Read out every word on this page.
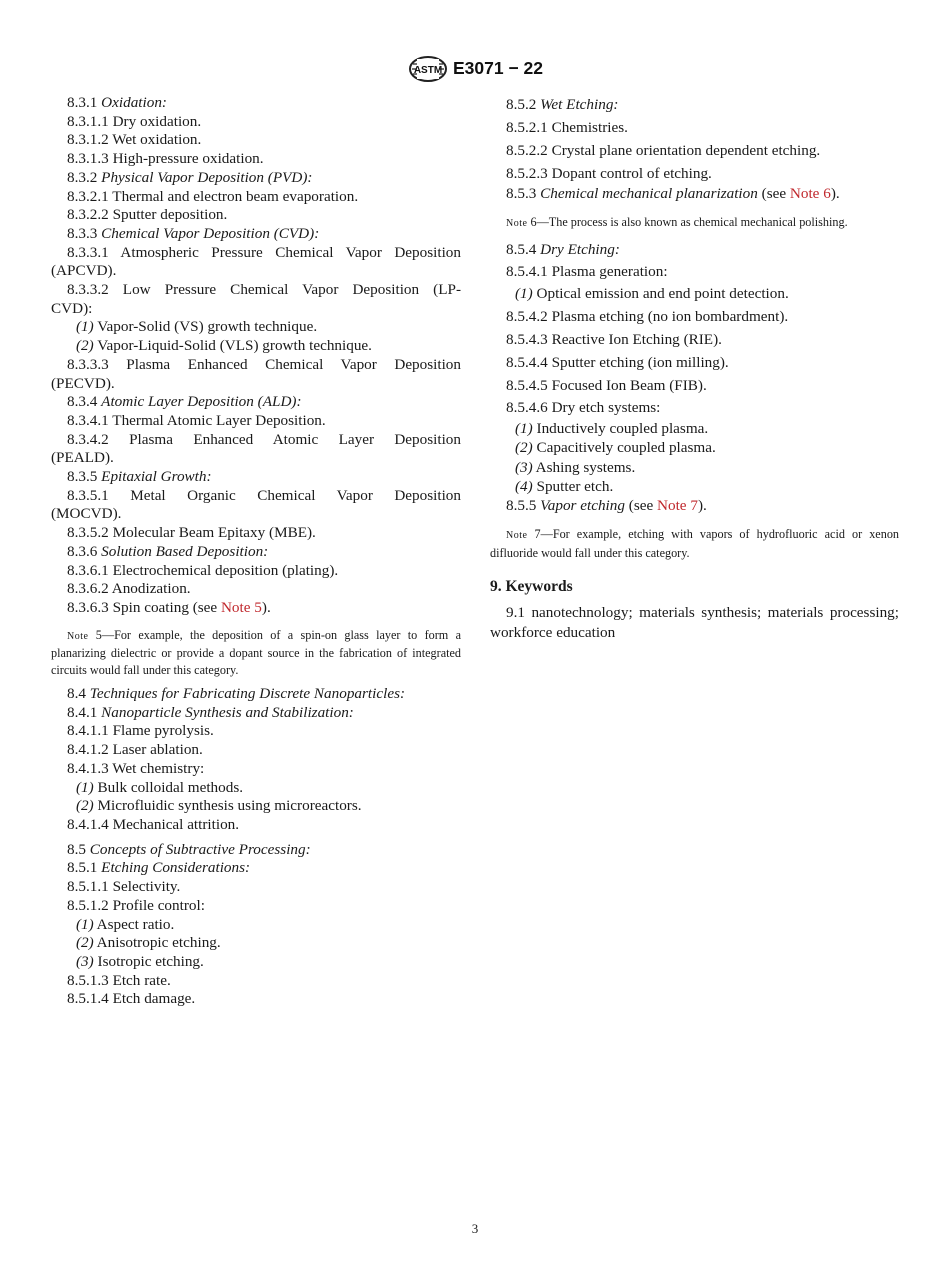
ASTM E3071 − 22

8.3.1 Oxidation:

8.3.1.1 Dry oxidation.

8.3.1.2 Wet oxidation.

8.3.1.3 High-pressure oxidation.

8.3.2 Physical Vapor Deposition (PVD):

8.3.2.1 Thermal and electron beam evaporation.

8.3.2.2 Sputter deposition.

8.3.3 Chemical Vapor Deposition (CVD):

8.3.3.1 Atmospheric Pressure Chemical Vapor Deposition
(APCVD).

8.3.3.2 Low Pressure Chemical Vapor Deposition (LP-
CVD):

(1) Vapor-Solid (VS) growth technique.

(2) Vapor-Liquid-Solid (VLS) growth technique.

8.3.3.3 Plasma Enhanced Chemical Vapor Deposition
(PECVD).

8.3.4 Atomic Layer Deposition (ALD):

8.3.4.1 Thermal Atomic Layer Deposition.

8.3.4.2 Plasma Enhanced Atomic Layer Deposition
(PEALD).

8.3.5 Epitaxial Growth:

8.3.5.1 Metal Organic Chemical Vapor Deposition
(MOCVD).

8.3.5.2 Molecular Beam Epitaxy (MBE).

8.3.6 Solution Based Deposition:

8.3.6.1 Electrochemical deposition (plating).

8.3.6.2 Anodization.

8.3.6.3 Spin coating (see Note 5).

Note 5—For example, the deposition of a spin-on glass layer to form a planarizing dielectric or provide a dopant source in the fabrication of integrated circuits would fall under this category.

8.4 Techniques for Fabricating Discrete Nanoparticles:

8.4.1 Nanoparticle Synthesis and Stabilization:

8.4.1.1 Flame pyrolysis.

8.4.1.2 Laser ablation.

8.4.1.3 Wet chemistry:

(1) Bulk colloidal methods.

(2) Microfluidic synthesis using microreactors.

8.4.1.4 Mechanical attrition.

8.5 Concepts of Subtractive Processing:

8.5.1 Etching Considerations:

8.5.1.1 Selectivity.

8.5.1.2 Profile control:

(1) Aspect ratio.

(2) Anisotropic etching.

(3) Isotropic etching.

8.5.1.3 Etch rate.

8.5.1.4 Etch damage.

8.5.2 Wet Etching:

8.5.2.1 Chemistries.

8.5.2.2 Crystal plane orientation dependent etching.

8.5.2.3 Dopant control of etching.

8.5.3 Chemical mechanical planarization (see Note 6).

Note 6—The process is also known as chemical mechanical polishing.

8.5.4 Dry Etching:

8.5.4.1 Plasma generation:

(1) Optical emission and end point detection.

8.5.4.2 Plasma etching (no ion bombardment).

8.5.4.3 Reactive Ion Etching (RIE).

8.5.4.4 Sputter etching (ion milling).

8.5.4.5 Focused Ion Beam (FIB).

8.5.4.6 Dry etch systems:

(1) Inductively coupled plasma.

(2) Capacitively coupled plasma.

(3) Ashing systems.

(4) Sputter etch.

8.5.5 Vapor etching (see Note 7).

Note 7—For example, etching with vapors of hydrofluoric acid or xenon difluoride would fall under this category.

9. Keywords

9.1 nanotechnology; materials synthesis; materials processing; workforce education

3
